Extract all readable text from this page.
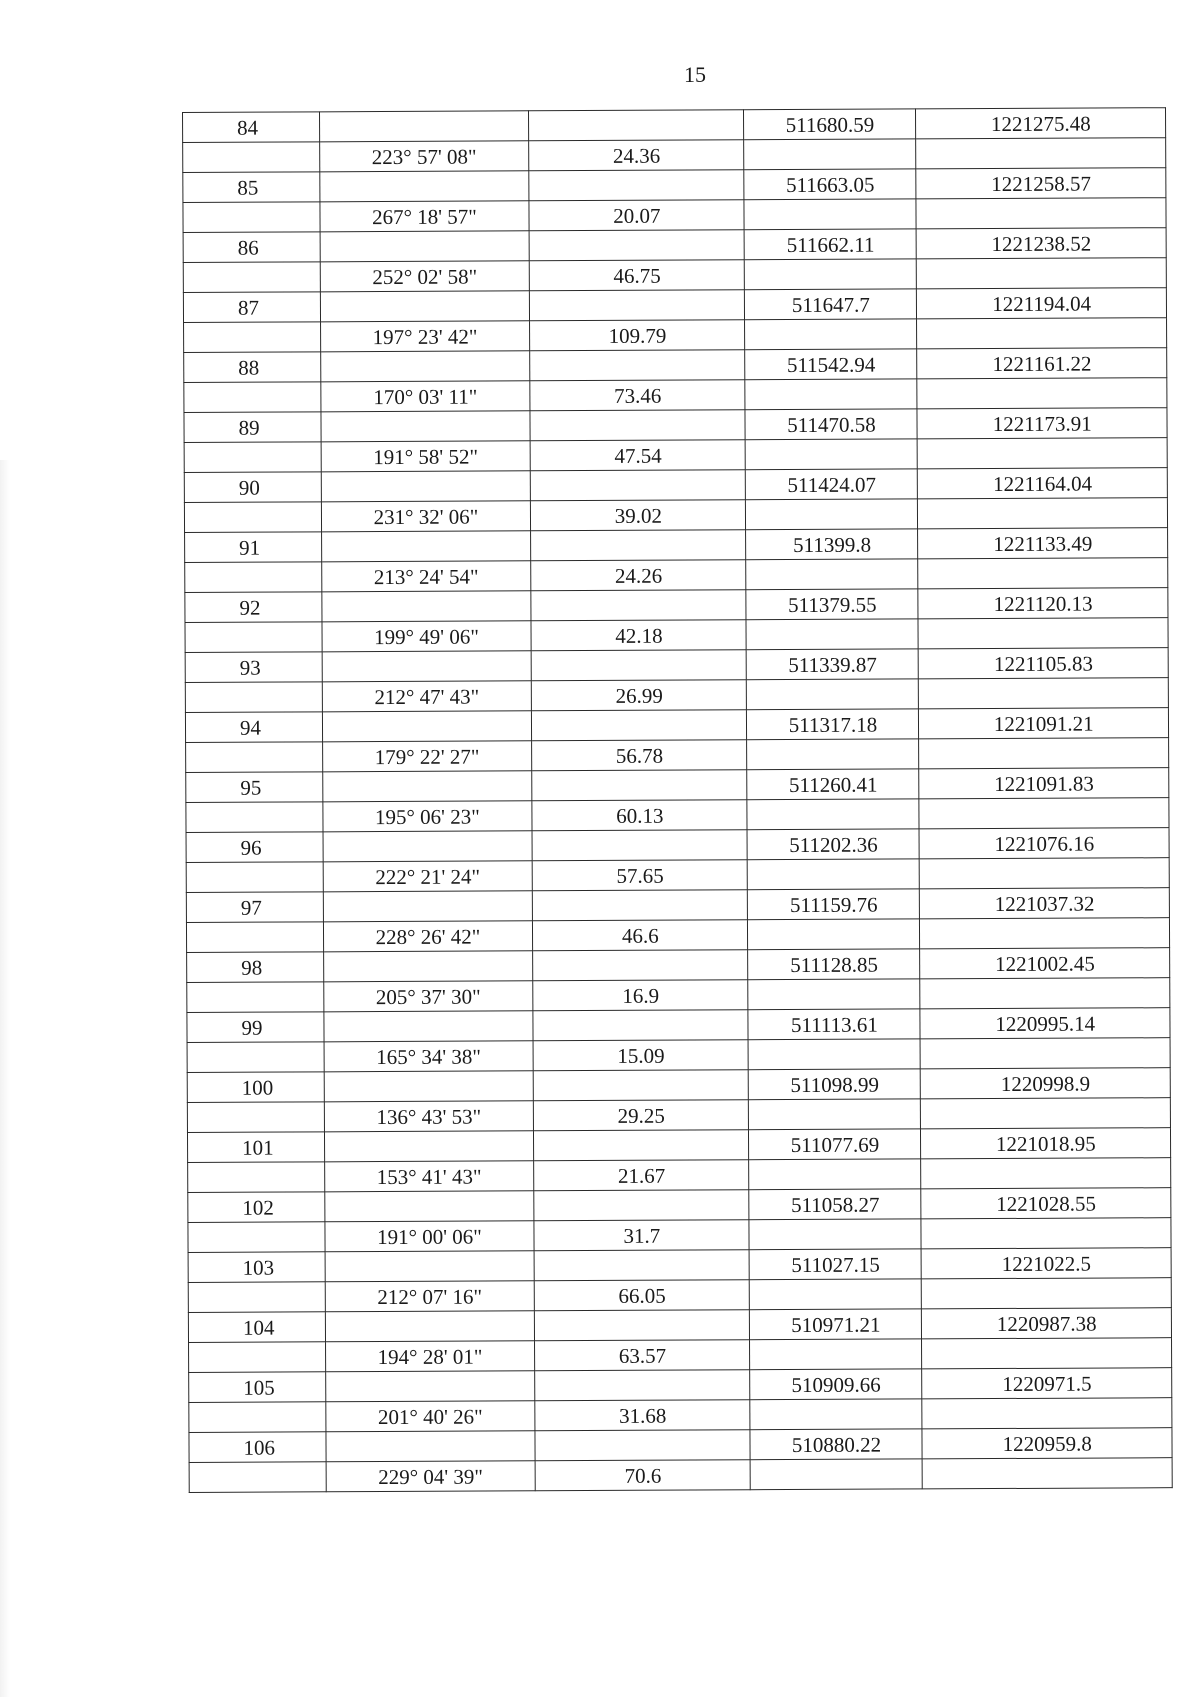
15
84			511680.59	1221275.48
	223° 57' 08"	24.36		
85			511663.05	1221258.57
	267° 18' 57"	20.07		
86			511662.11	1221238.52
	252° 02' 58"	46.75		
87			511647.7	1221194.04
	197° 23' 42"	109.79		
88			511542.94	1221161.22
	170° 03' 11"	73.46		
89			511470.58	1221173.91
	191° 58' 52"	47.54		
90			511424.07	1221164.04
	231° 32' 06"	39.02		
91			511399.8	1221133.49
	213° 24' 54"	24.26		
92			511379.55	1221120.13
	199° 49' 06"	42.18		
93			511339.87	1221105.83
	212° 47' 43"	26.99		
94			511317.18	1221091.21
	179° 22' 27"	56.78		
95			511260.41	1221091.83
	195° 06' 23"	60.13		
96			511202.36	1221076.16
	222° 21' 24"	57.65		
97			511159.76	1221037.32
	228° 26' 42"	46.6		
98			511128.85	1221002.45
	205° 37' 30"	16.9		
99			511113.61	1220995.14
	165° 34' 38"	15.09		
100			511098.99	1220998.9
	136° 43' 53"	29.25		
101			511077.69	1221018.95
	153° 41' 43"	21.67		
102			511058.27	1221028.55
	191° 00' 06"	31.7		
103			511027.15	1221022.5
	212° 07' 16"	66.05		
104			510971.21	1220987.38
	194° 28' 01"	63.57		
105			510909.66	1220971.5
	201° 40' 26"	31.68		
106			510880.22	1220959.8
	229° 04' 39"	70.6		
